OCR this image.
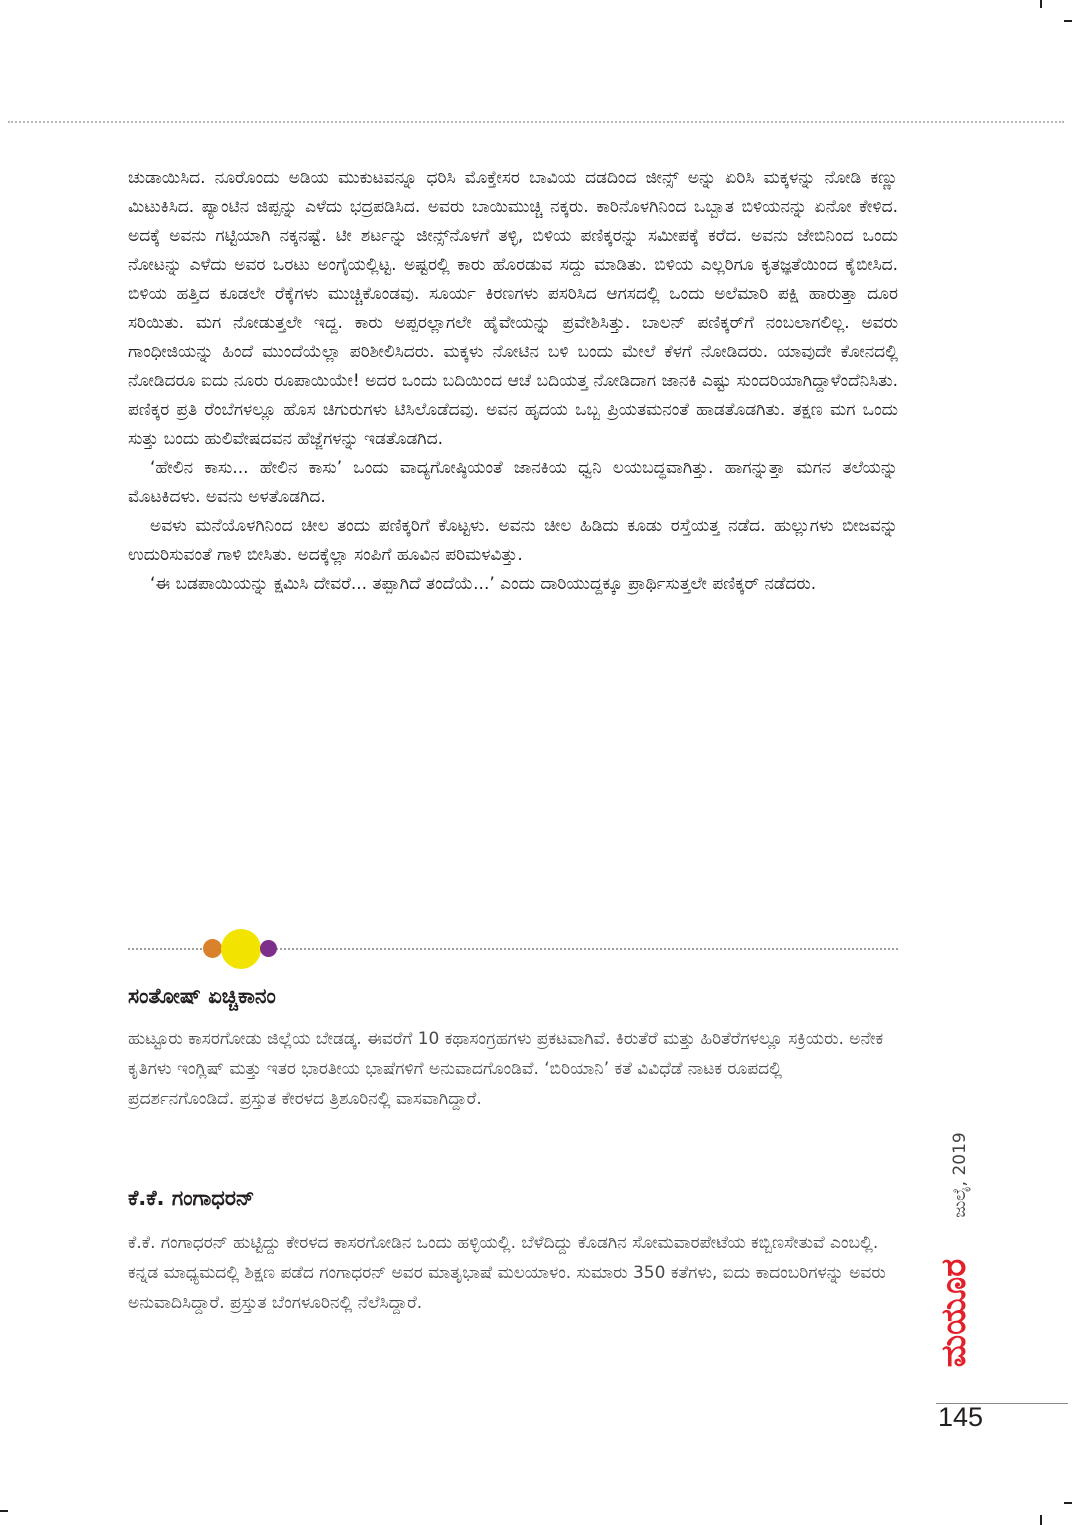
ಚುಡಾಯಿಸಿದ. ನೂರೊಂದು ಅಡಿಯ ಮುಕುಟವನ್ನೂ ಧರಿಸಿ ಮೊಕ್ತೇಸರ ಬಾವಿಯ ದಡದಿಂದ ಜೀನ್ಸ್ ಅನ್ನು ಏರಿಸಿ ಮಕ್ಕಳನ್ನು ನೋಡಿ ಕಣ್ಣು ಮಿಟುಕಿಸಿದ. ಪ್ಯಾಂಟಿನ ಜಿಪ್ಪನ್ನು ಎಳೆದು ಭದ್ರಪಡಿಸಿದ. ಅವರು ಬಾಯಿಮುಚ್ಚಿ ನಕ್ಕರು. ಕಾರಿನೊಳಗಿನಿಂದ ಒಬ್ಬಾತ ಬಿಳಿಯನನ್ನು ಏನೋ ಕೇಳಿದ. ಅದಕ್ಕೆ ಅವನು ಗಟ್ಟಿಯಾಗಿ ನಕ್ಕನಷ್ಟೆ. ಟೀ ಶರ್ಟನ್ನು ಜೀನ್ಸ್‌ನೊಳಗೆ ತಳ್ಳಿ, ಬಿಳಿಯ ಪಣಿಕ್ಕರನ್ನು ಸಮೀಪಕ್ಕೆ ಕರೆದ. ಅವನು ಜೇಬಿನಿಂದ ಒಂದು ನೋಟನ್ನು ಎಳೆದು ಅವರ ಒರಟು ಅಂಗೈಯಲ್ಲಿಟ್ಟ. ಅಷ್ಟರಲ್ಲಿ ಕಾರು ಹೊರಡುವ ಸದ್ದು ಮಾಡಿತು. ಬಿಳಿಯ ಎಲ್ಲರಿಗೂ ಕೃತಜ್ಞತೆಯಿಂದ ಕೈಬೀಸಿದ. ಬಿಳಿಯ ಹತ್ತಿದ ಕೂಡಲೇ ರೆಕ್ಕೆಗಳು ಮುಚ್ಚಿಕೊಂಡವು. ಸೂರ್ಯ ಕಿರಣಗಳು ಪಸರಿಸಿದ ಆಗಸದಲ್ಲಿ ಒಂದು ಅಲೆಮಾರಿ ಪಕ್ಷಿ ಹಾರುತ್ತಾ ದೂರ ಸರಿಯಿತು. ಮಗ ನೋಡುತ್ತಲೇ ಇದ್ದ. ಕಾರು ಅಪ್ಪರಲ್ಲಾಗಲೇ ಹೈವೇಯನ್ನು ಪ್ರವೇಶಿಸಿತ್ತು. ಬಾಲನ್ ಪಣಿಕ್ಕರ್‌ಗೆ ನಂಬಲಾಗಲಿಲ್ಲ. ಅವರು ಗಾಂಧೀಜಿಯನ್ನು ಹಿಂದೆ ಮುಂದೆಯೆಲ್ಲಾ ಪರಿಶೀಲಿಸಿದರು. ಮಕ್ಕಳು ನೋಟಿನ ಬಳಿ ಬಂದು ಮೇಲೆ ಕೆಳಗೆ ನೋಡಿದರು. ಯಾವುದೇ ಕೋನದಲ್ಲಿ ನೋಡಿದರೂ ಐದು ನೂರು ರೂಪಾಯಿಯೇ! ಅದರ ಒಂದು ಬದಿಯಿಂದ ಆಚೆ ಬದಿಯತ್ತ ನೋಡಿದಾಗ ಜಾನಕಿ ಎಷ್ಟು ಸುಂದರಿಯಾಗಿದ್ದಾಳೆಂದೆನಿಸಿತು. ಪಣಿಕ್ಕರ ಪ್ರತಿ ರೆಂಬೆಗಳಲ್ಲೂ ಹೊಸ ಚಿಗುರುಗಳು ಟಿಸಿಲೊಡೆದವು. ಅವನ ಹೃದಯ ಒಬ್ಬ ಪ್ರಿಯತಮನಂತೆ ಹಾಡತೊಡಗಿತು. ತಕ್ಷಣ ಮಗ ಒಂದು ಸುತ್ತು ಬಂದು ಹುಲಿವೇಷದವನ ಹೆಜ್ಜೆಗಳನ್ನು ಇಡತೊಡಗಿದ.

‘ಹೇಲಿನ ಕಾಸು... ಹೇಲಿನ ಕಾಸು’ ಒಂದು ವಾದ್ಯಗೋಷ್ಠಿಯಂತೆ ಜಾನಕಿಯ ಧ್ವನಿ ಲಯಬದ್ಧವಾಗಿತ್ತು. ಹಾಗನ್ನುತ್ತಾ ಮಗನ ತಲೆಯನ್ನು ಮೊಟಕಿದಳು. ಅವನು ಅಳತೊಡಗಿದ.

ಅವಳು ಮನೆಯೊಳಗಿನಿಂದ ಚೀಲ ತಂದು ಪಣಿಕ್ಕರಿಗೆ ಕೊಟ್ಟಳು. ಅವನು ಚೀಲ ಹಿಡಿದು ಕೂಡು ರಸ್ತೆಯತ್ತ ನಡೆದ. ಹುಲ್ಲುಗಳು ಬೀಜವನ್ನು ಉದುರಿಸುವಂತೆ ಗಾಳಿ ಬೀಸಿತು. ಅದಕ್ಕೆಲ್ಲಾ ಸಂಪಿಗೆ ಹೂವಿನ ಪರಿಮಳವಿತ್ತು.

‘ಈ ಬಡಪಾಯಿಯನ್ನು ಕ್ಷಮಿಸಿ ದೇವರೆ... ತಪ್ಪಾಗಿದೆ ತಂದೆಯೆ...’ ಎಂದು ದಾರಿಯುದ್ದಕ್ಕೂ ಪ್ರಾರ್ಥಿಸುತ್ತಲೇ ಪಣಿಕ್ಕರ್ ನಡೆದರು.

ಸಂತೋಷ್ ಏಚ್ಚಿಕಾನಂ

ಹುಟ್ಟೂರು ಕಾಸರಗೋಡು ಜಿಲ್ಲೆಯ ಬೇಡಡ್ಕ. ಈವರೆಗೆ 10 ಕಥಾಸಂಗ್ರಹಗಳು ಪ್ರಕಟವಾಗಿವೆ. ಕಿರುತೆರೆ ಮತ್ತು ಹಿರಿತೆರೆಗಳಲ್ಲೂ ಸಕ್ರಿಯರು. ಅನೇಕ ಕೃತಿಗಳು ಇಂಗ್ಲಿಷ್ ಮತ್ತು ಇತರ ಭಾರತೀಯ ಭಾಷೆಗಳಿಗೆ ಅನುವಾದಗೊಂಡಿವೆ. ‘ಬಿರಿಯಾನಿ’ ಕತೆ ವಿವಿಧೆಡೆ ನಾಟಕ ರೂಪದಲ್ಲಿ ಪ್ರದರ್ಶನಗೊಂಡಿದೆ. ಪ್ರಸ್ತುತ ಕೇರಳದ ತ್ರಿಶೂರಿನಲ್ಲಿ ವಾಸವಾಗಿದ್ದಾರೆ.

ಕೆ.ಕೆ. ಗಂಗಾಧರನ್

ಕೆ.ಕೆ. ಗಂಗಾಧರನ್ ಹುಟ್ಟಿದ್ದು ಕೇರಳದ ಕಾಸರಗೋಡಿನ ಒಂದು ಹಳ್ಳಿಯಲ್ಲಿ. ಬೆಳೆದಿದ್ದು ಕೊಡಗಿನ ಸೋಮವಾರಪೇಟೆಯ ಕಬ್ಬಿಣಸೇತುವೆ ಎಂಬಲ್ಲಿ. ಕನ್ನಡ ಮಾಧ್ಯಮದಲ್ಲಿ ಶಿಕ್ಷಣ ಪಡೆದ ಗಂಗಾಧರನ್ ಅವರ ಮಾತೃಭಾಷೆ ಮಲಯಾಳಂ. ಸುಮಾರು 350 ಕತೆಗಳು, ಐದು ಕಾದಂಬರಿಗಳನ್ನು ಅವರು ಅನುವಾದಿಸಿದ್ದಾರೆ. ಪ್ರಸ್ತುತ ಬೆಂಗಳೂರಿನಲ್ಲಿ ನೆಲೆಸಿದ್ದಾರೆ.

ಜುಲೈ, 2019
ಮಯೂರ
145
